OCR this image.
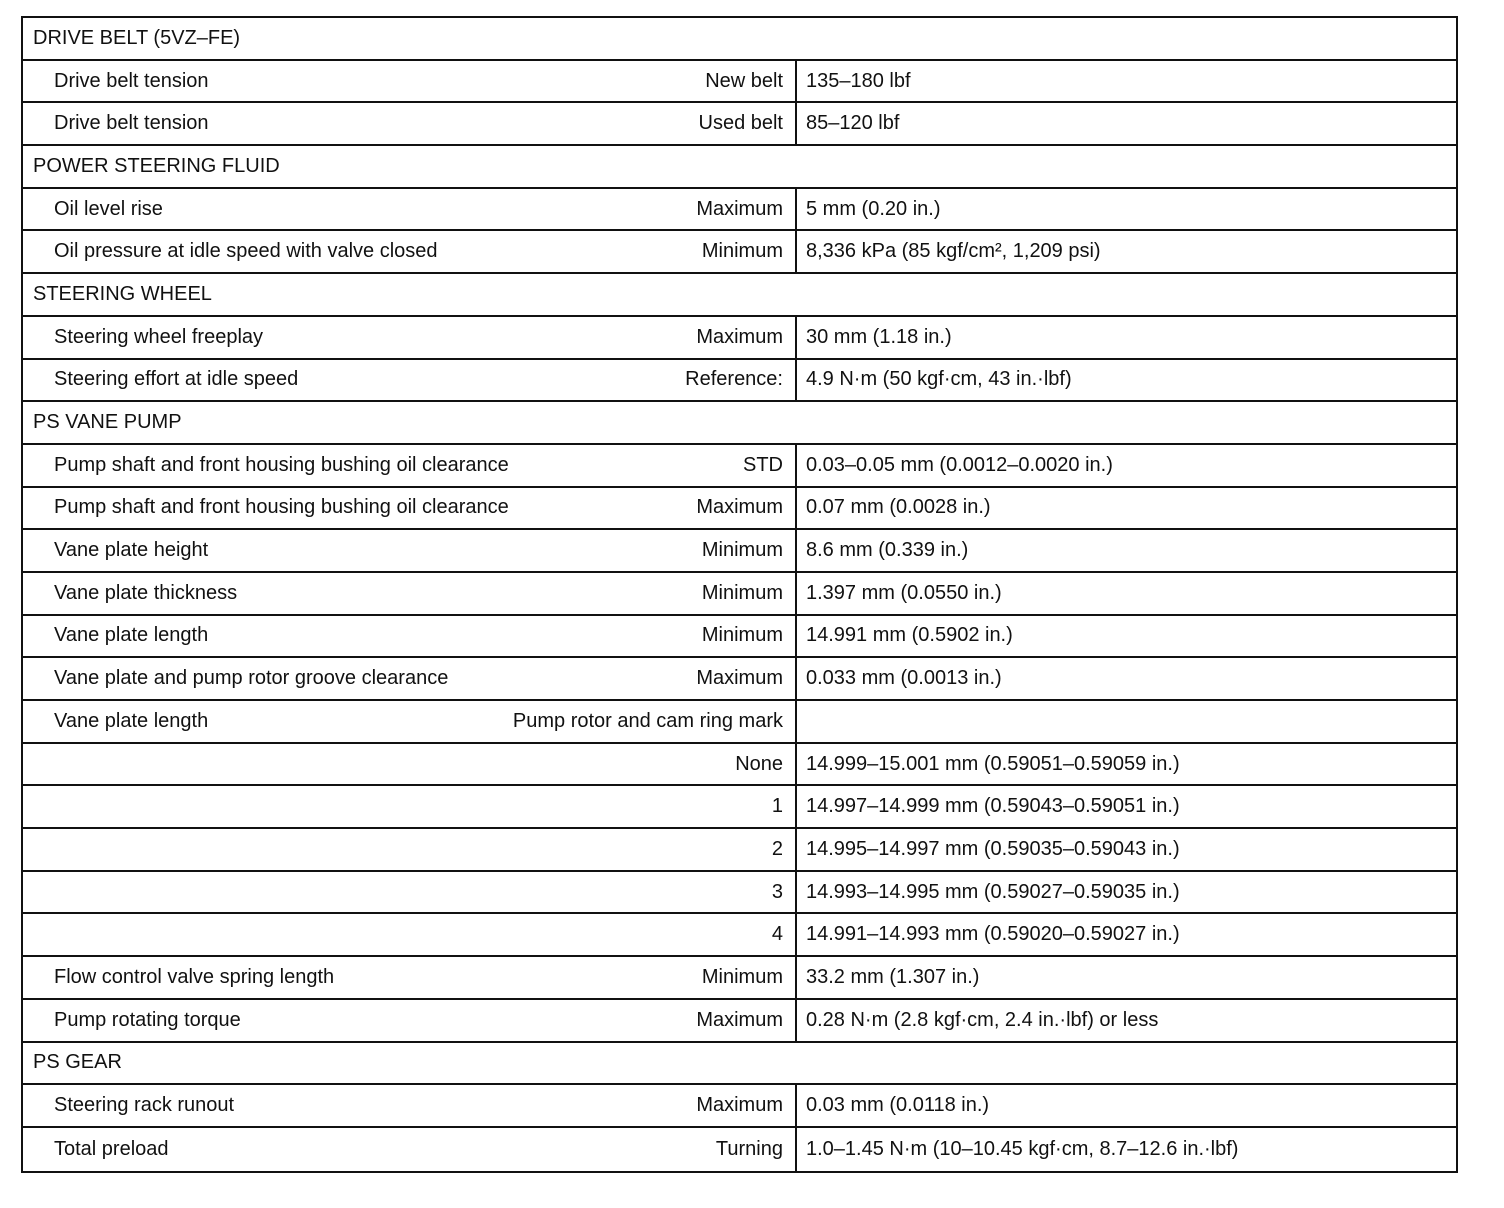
DRIVE BELT (5VZ–FE)
Drive belt tension	New belt	135–180 lbf
Drive belt tension	Used belt	85–120 lbf
POWER STEERING FLUID
Oil level rise	Maximum	5 mm (0.20 in.)
Oil pressure at idle speed with valve closed	Minimum	8,336 kPa (85 kgf/cm², 1,209 psi)
STEERING WHEEL
Steering wheel freeplay	Maximum	30 mm (1.18 in.)
Steering effort at idle speed	Reference:	4.9 N·m (50 kgf·cm, 43 in.·lbf)
PS VANE PUMP
Pump shaft and front housing bushing oil clearance	STD	0.03–0.05 mm (0.0012–0.0020 in.)
Pump shaft and front housing bushing oil clearance	Maximum	0.07 mm (0.0028 in.)
Vane plate height	Minimum	8.6 mm (0.339 in.)
Vane plate thickness	Minimum	1.397 mm (0.0550 in.)
Vane plate length	Minimum	14.991 mm (0.5902 in.)
Vane plate and pump rotor groove clearance	Maximum	0.033 mm (0.0013 in.)
Vane plate length	Pump rotor and cam ring mark
None	14.999–15.001 mm (0.59051–0.59059 in.)
1	14.997–14.999 mm (0.59043–0.59051 in.)
2	14.995–14.997 mm (0.59035–0.59043 in.)
3	14.993–14.995 mm (0.59027–0.59035 in.)
4	14.991–14.993 mm (0.59020–0.59027 in.)
Flow control valve spring length	Minimum	33.2 mm (1.307 in.)
Pump rotating torque	Maximum	0.28 N·m (2.8 kgf·cm, 2.4 in.·lbf) or less
PS GEAR
Steering rack runout	Maximum	0.03 mm (0.0118 in.)
Total preload	Turning	1.0–1.45 N·m (10–10.45 kgf·cm, 8.7–12.6 in.·lbf)
